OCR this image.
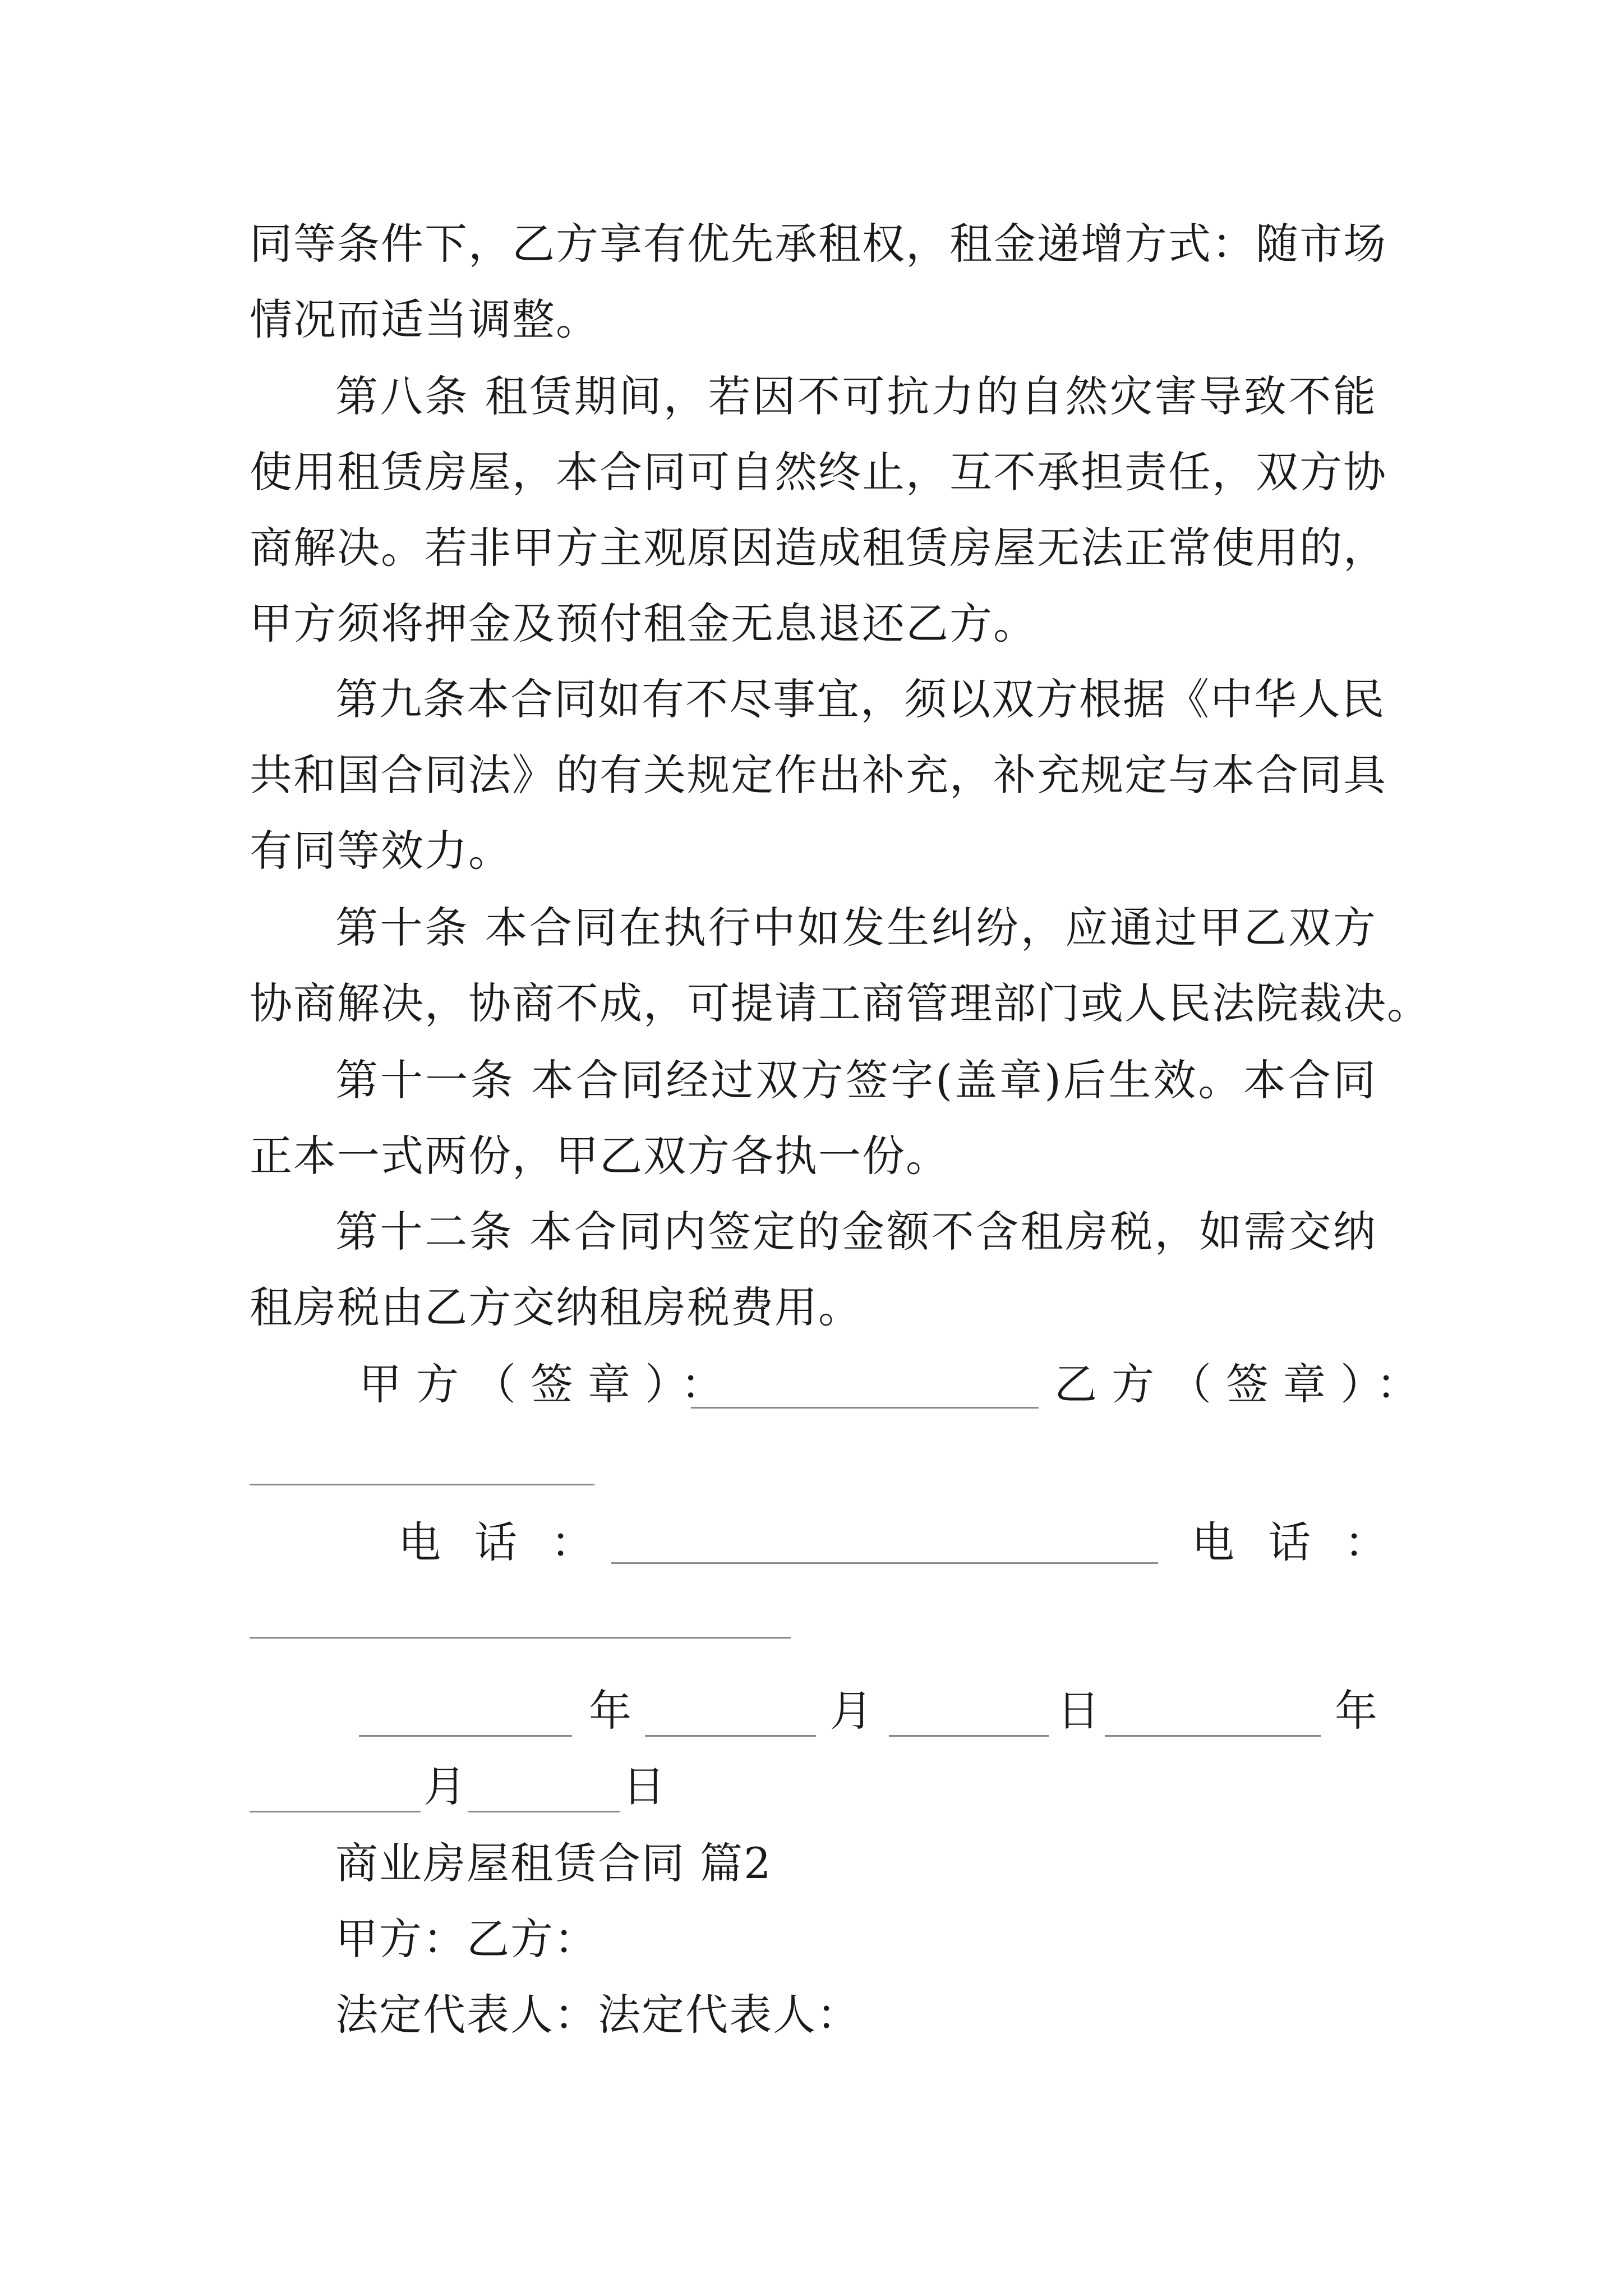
同等条件下，乙方享有优先承租权，租金递增方式：随市场
情况而适当调整。
第八条 租赁期间，若因不可抗力的自然灾害导致不能
使用租赁房屋，本合同可自然终止，互不承担责任，双方协
商解决。若非甲方主观原因造成租赁房屋无法正常使用的，
甲方须将押金及预付租金无息退还乙方。
第九条本合同如有不尽事宜，须以双方根据《中华人民
共和国合同法》的有关规定作出补充，补充规定与本合同具
有同等效力。
第十条 本合同在执行中如发生纠纷，应通过甲乙双方
协商解决，协商不成，可提请工商管理部门或人民法院裁决。
第十一条 本合同经过双方签字(盖章)后生效。本合同
正本一式两份，甲乙双方各执一份。
第十二条 本合同内签定的金额不含租房税，如需交纳
租房税由乙方交纳租房税费用。
甲方（签章）：	乙方（签章）：
电话：	电话：
年	月	日	年
月	日
商业房屋租赁合同 篇2
甲方：乙方：
法定代表人：法定代表人：
